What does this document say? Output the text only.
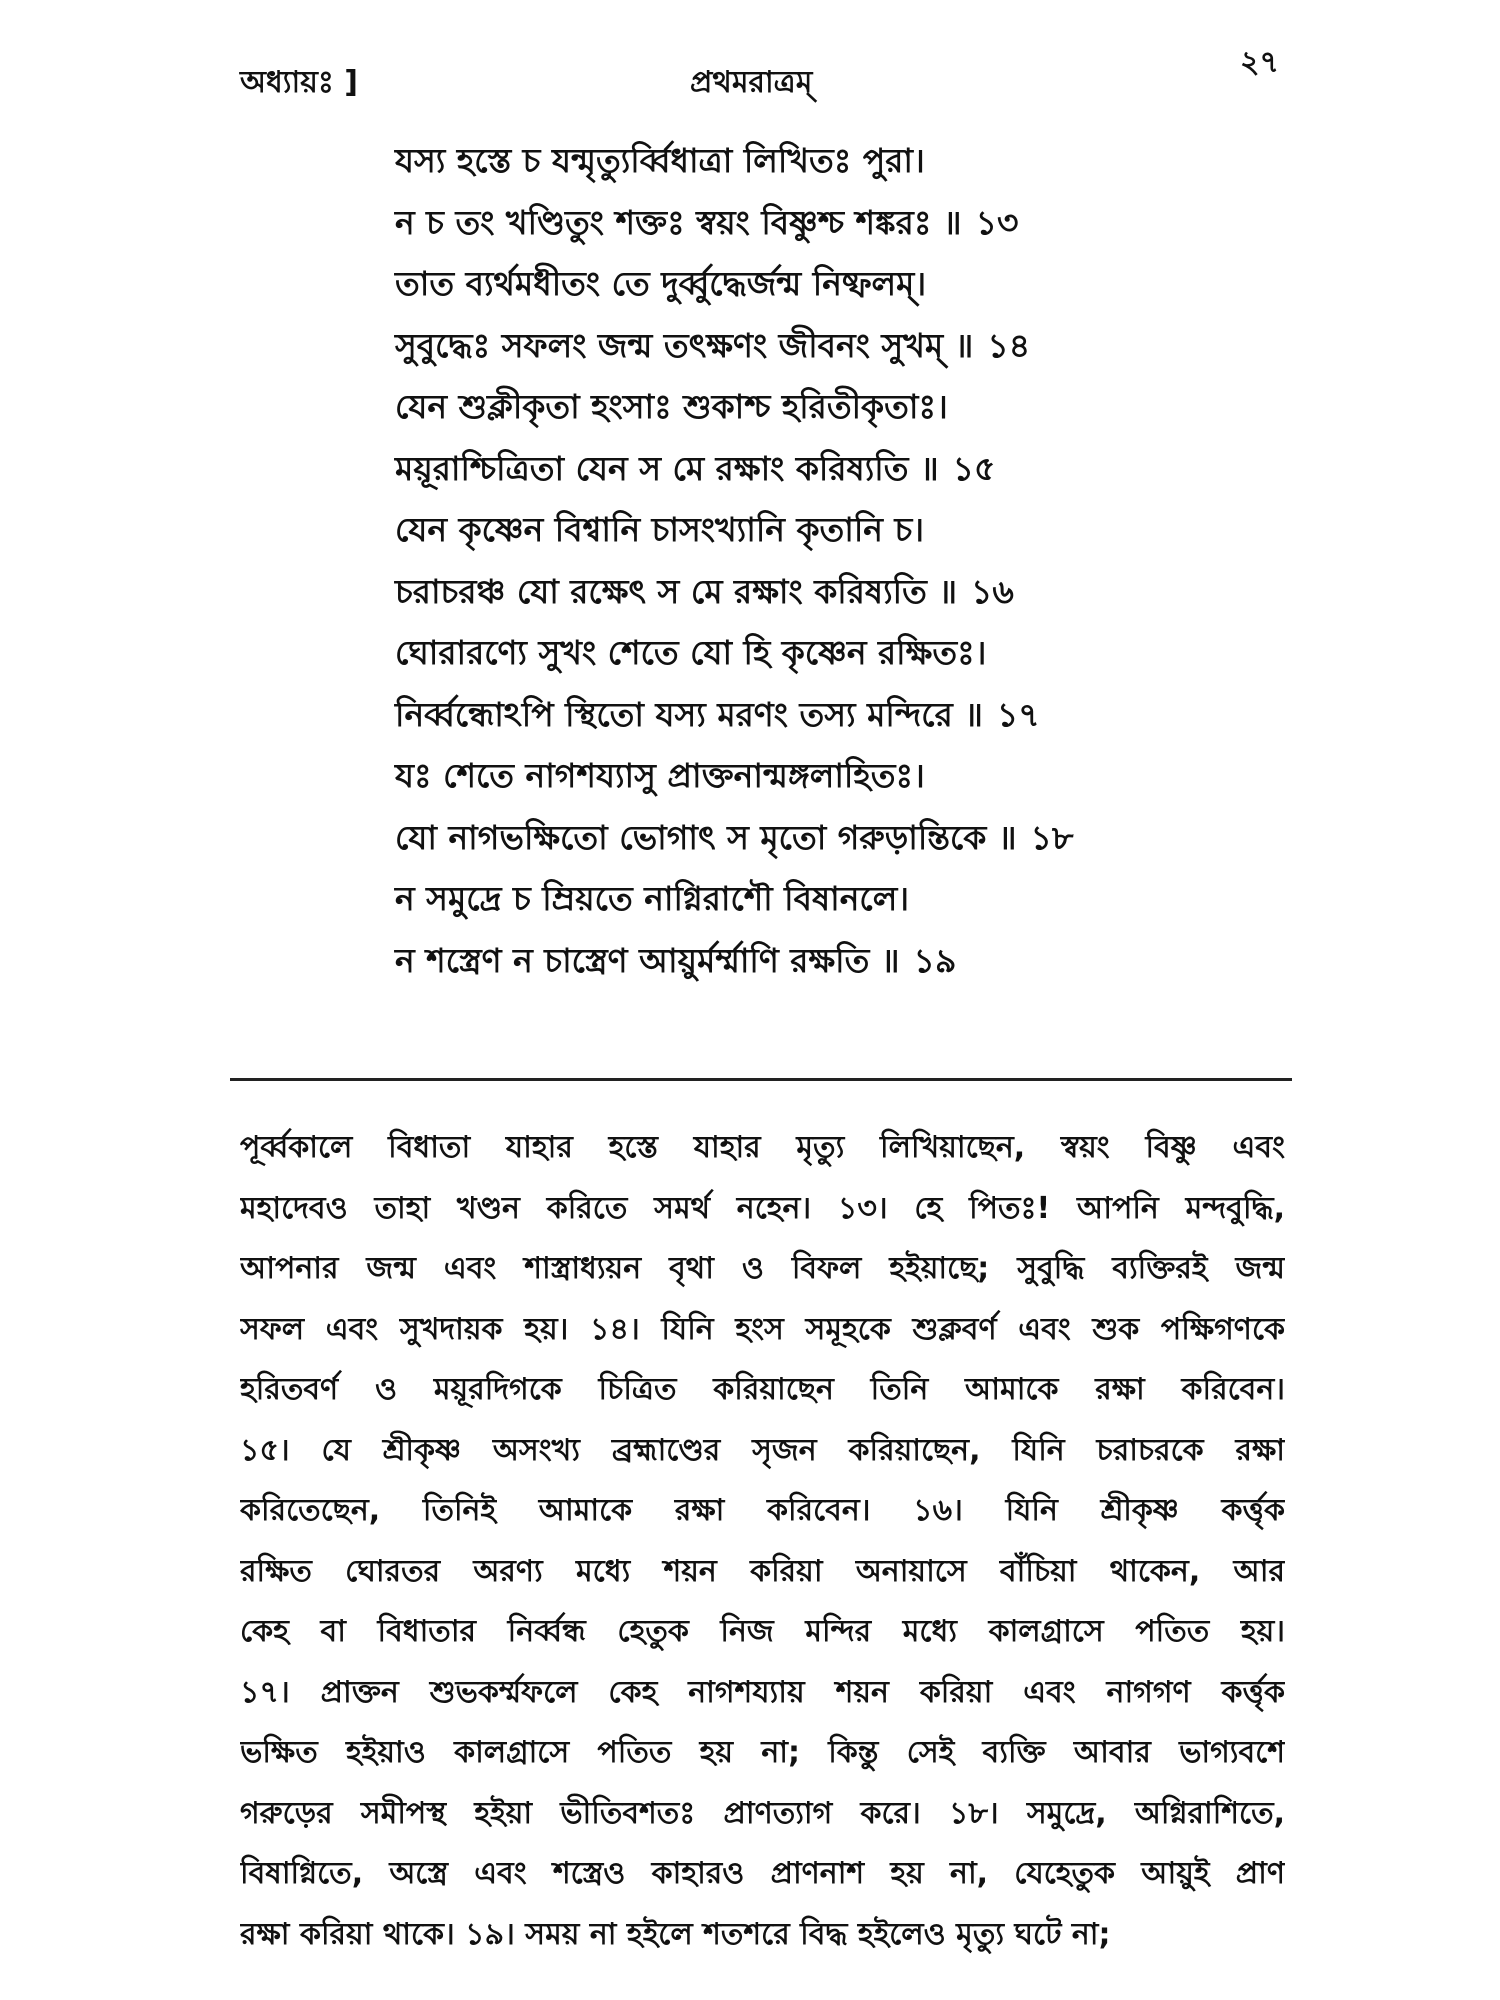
অধ্যায়ঃ ]	প্রথমরাত্রম্
২৭
যস্য হস্তে চ যন্মৃত্যুর্ব্বিধাত্রা লিখিতঃ পুরা।
ন চ তং খণ্ডিতুং শক্তঃ স্বয়ং বিষ্ণুশ্চ শঙ্করঃ ॥ ১৩
তাত ব্যর্থমধীতং তে দুর্ব্বুদ্ধের্জন্ম নিষ্ফলম্।
সুবুদ্ধেঃ সফলং জন্ম তৎক্ষণং জীবনং সুখম্ ॥ ১৪
যেন শুক্লীকৃতা হংসাঃ শুকাশ্চ হরিতীকৃতাঃ।
ময়ূরাশ্চিত্রিতা যেন স মে রক্ষাং করিষ্যতি ॥ ১৫
যেন কৃষ্ণেন বিশ্বানি চাসংখ্যানি কৃতানি চ।
চরাচরঞ্চ যো রক্ষেৎ স মে রক্ষাং করিষ্যতি ॥ ১৬
ঘোরারণ্যে সুখং শেতে যো হি কৃষ্ণেন রক্ষিতঃ।
নির্ব্বন্ধোঽপি স্থিতো যস্য মরণং তস্য মন্দিরে ॥ ১৭
যঃ শেতে নাগশয্যাসু প্রাক্তনান্মঙ্গলাহিতঃ।
যো নাগভক্ষিতো ভোগাৎ স মৃতো গরুড়ান্তিকে ॥ ১৮
ন সমুদ্রে চ ম্রিয়তে নাগ্নিরাশৌ বিষানলে।
ন শস্ত্রেণ ন চাস্ত্রেণ আয়ুর্মর্ম্মাণি রক্ষতি ॥ ১৯
পূর্ব্বকালে বিধাতা যাহার হস্তে যাহার মৃত্যু লিখিয়াছেন, স্বয়ং বিষ্ণু এবং
মহাদেবও তাহা খণ্ডন করিতে সমর্থ নহেন। ১৩। হে পিতঃ! আপনি মন্দবুদ্ধি,
আপনার জন্ম এবং শাস্ত্রাধ্যয়ন বৃথা ও বিফল হইয়াছে; সুবুদ্ধি ব্যক্তিরই জন্ম
সফল এবং সুখদায়ক হয়। ১৪। যিনি হংস সমূহকে শুক্লবর্ণ এবং শুক পক্ষিগণকে
হরিতবর্ণ ও ময়ূরদিগকে চিত্রিত করিয়াছেন তিনি আমাকে রক্ষা করিবেন।
১৫। যে শ্রীকৃষ্ণ অসংখ্য ব্রহ্মাণ্ডের সৃজন করিয়াছেন, যিনি চরাচরকে রক্ষা
করিতেছেন, তিনিই আমাকে রক্ষা করিবেন। ১৬। যিনি শ্রীকৃষ্ণ কর্ত্তৃক
রক্ষিত ঘোরতর অরণ্য মধ্যে শয়ন করিয়া অনায়াসে বাঁচিয়া থাকেন, আর
কেহ বা বিধাতার নির্ব্বন্ধ হেতুক নিজ মন্দির মধ্যে কালগ্রাসে পতিত হয়।
১৭। প্রাক্তন শুভকর্ম্মফলে কেহ নাগশয্যায় শয়ন করিয়া এবং নাগগণ কর্ত্তৃক
ভক্ষিত হইয়াও কালগ্রাসে পতিত হয় না; কিন্তু সেই ব্যক্তি আবার ভাগ্যবশে
গরুড়ের সমীপস্থ হইয়া ভীতিবশতঃ প্রাণত্যাগ করে। ১৮। সমুদ্রে, অগ্নিরাশিতে,
বিষাগ্নিতে, অস্ত্রে এবং শস্ত্রেও কাহারও প্রাণনাশ হয় না, যেহেতুক আয়ুই প্রাণ
রক্ষা করিয়া থাকে। ১৯। সময় না হইলে শতশরে বিদ্ধ হইলেও মৃত্যু ঘটে না;
